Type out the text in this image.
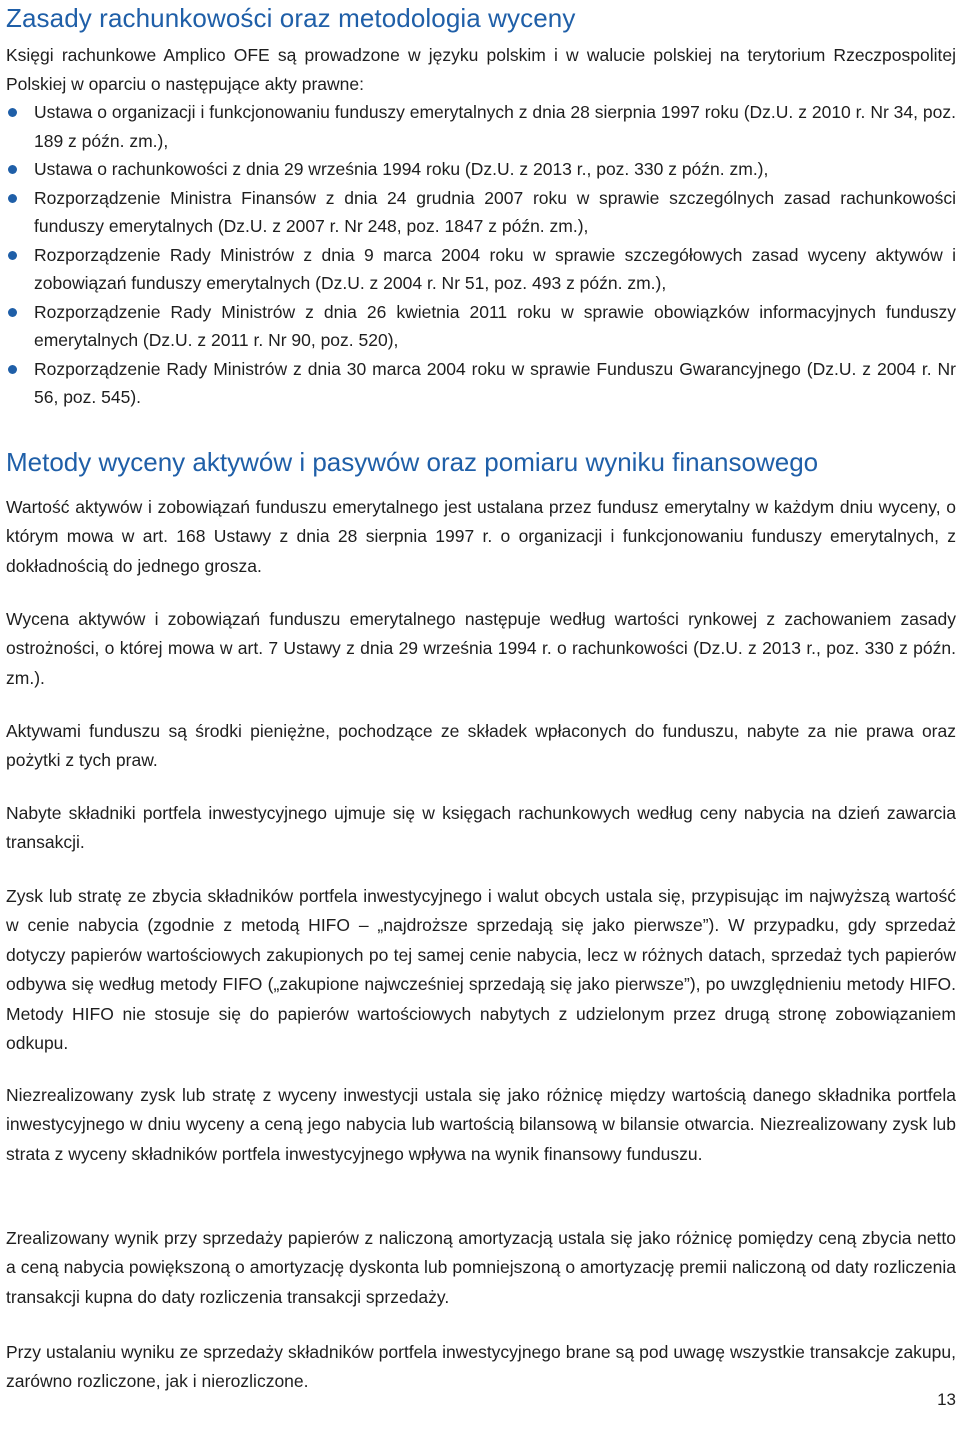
Zasady rachunkowości oraz metodologia wyceny

Księgi rachunkowe Amplico OFE są prowadzone w języku polskim i w walucie polskiej na terytorium Rzeczpospolitej Polskiej w oparciu o następujące akty prawne:

Ustawa o organizacji i funkcjonowaniu funduszy emerytalnych z dnia 28 sierpnia 1997 roku (Dz.U. z 2010 r. Nr 34, poz. 189 z późn. zm.),
Ustawa o rachunkowości z dnia 29 września 1994 roku (Dz.U. z 2013 r., poz. 330 z późn. zm.),
Rozporządzenie Ministra Finansów z dnia 24 grudnia 2007 roku w sprawie szczególnych zasad rachunkowości funduszy emerytalnych (Dz.U. z 2007 r. Nr 248, poz. 1847 z późn. zm.),
Rozporządzenie Rady Ministrów z dnia 9 marca 2004 roku w sprawie szczegółowych zasad wyceny aktywów i zobowiązań funduszy emerytalnych (Dz.U. z 2004 r. Nr 51, poz. 493 z późn. zm.),
Rozporządzenie Rady Ministrów z dnia 26 kwietnia 2011 roku w sprawie obowiązków informacyjnych funduszy emerytalnych (Dz.U. z 2011 r. Nr 90, poz. 520),
Rozporządzenie Rady Ministrów z dnia 30 marca 2004 roku w sprawie Funduszu Gwarancyjnego (Dz.U. z 2004 r. Nr 56, poz. 545).
Metody wyceny aktywów i pasywów oraz pomiaru wyniku finansowego

Wartość aktywów i zobowiązań funduszu emerytalnego jest ustalana przez fundusz emerytalny w każdym dniu wyceny, o którym mowa w art. 168 Ustawy z dnia 28 sierpnia 1997 r. o organizacji i funkcjonowaniu funduszy emerytalnych, z dokładnością do jednego grosza.

Wycena aktywów i zobowiązań funduszu emerytalnego następuje według wartości rynkowej z zachowaniem zasady ostrożności, o której mowa w art. 7 Ustawy z dnia 29 września 1994 r. o rachunkowości (Dz.U. z 2013 r., poz. 330 z późn. zm.).

Aktywami funduszu są środki pieniężne, pochodzące ze składek wpłaconych do funduszu, nabyte za nie prawa oraz pożytki z tych praw.

Nabyte składniki portfela inwestycyjnego ujmuje się w księgach rachunkowych według ceny nabycia na dzień zawarcia transakcji.

Zysk lub stratę ze zbycia składników portfela inwestycyjnego i walut obcych ustala się, przypisując im najwyższą wartość w cenie nabycia (zgodnie z metodą HIFO – „najdroższe sprzedają się jako pierwsze”). W przypadku, gdy sprzedaż dotyczy papierów wartościowych zakupionych po tej samej cenie nabycia, lecz w różnych datach, sprzedaż tych papierów odbywa się według metody FIFO („zakupione najwcześniej sprzedają się jako pierwsze”), po uwzględnieniu metody HIFO. Metody HIFO nie stosuje się do papierów wartościowych nabytych z udzielonym przez drugą stronę zobowiązaniem odkupu.

Niezrealizowany zysk lub stratę z wyceny inwestycji ustala się jako różnicę między wartością danego składnika portfela inwestycyjnego w dniu wyceny a ceną jego nabycia lub wartością bilansową w bilansie otwarcia. Niezrealizowany zysk lub strata z wyceny składników portfela inwestycyjnego wpływa na wynik finansowy funduszu.

Zrealizowany wynik przy sprzedaży papierów z naliczoną amortyzacją ustala się jako różnicę pomiędzy ceną zbycia netto a ceną nabycia powiększoną o amortyzację dyskonta lub pomniejszoną o amortyzację premii naliczoną od daty rozliczenia transakcji kupna do daty rozliczenia transakcji sprzedaży.

Przy ustalaniu wyniku ze sprzedaży składników portfela inwestycyjnego brane są pod uwagę wszystkie transakcje zakupu, zarówno rozliczone, jak i nierozliczone.

13
